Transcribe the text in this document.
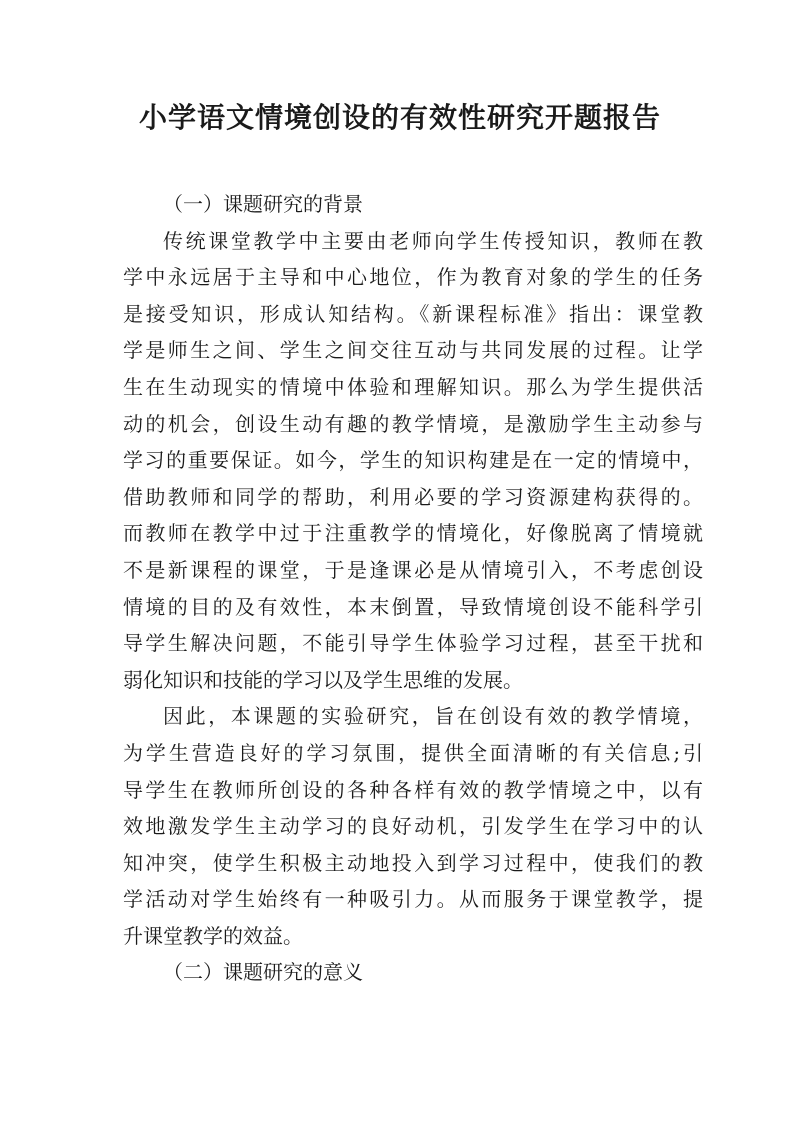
小学语文情境创设的有效性研究开题报告
（一）课题研究的背景
传统课堂教学中主要由老师向学生传授知识，教师在教
学中永远居于主导和中心地位，作为教育对象的学生的任务
是接受知识，形成认知结构。《新课程标准》指出：课堂教
学是师生之间、学生之间交往互动与共同发展的过程。让学
生在生动现实的情境中体验和理解知识。那么为学生提供活
动的机会，创设生动有趣的教学情境，是激励学生主动参与
学习的重要保证。如今，学生的知识构建是在一定的情境中，
借助教师和同学的帮助，利用必要的学习资源建构获得的。
而教师在教学中过于注重教学的情境化，好像脱离了情境就
不是新课程的课堂，于是逢课必是从情境引入，不考虑创设
情境的目的及有效性，本末倒置，导致情境创设不能科学引
导学生解决问题，不能引导学生体验学习过程，甚至干扰和
弱化知识和技能的学习以及学生思维的发展。
因此，本课题的实验研究，旨在创设有效的教学情境，
为学生营造良好的学习氛围，提供全面清晰的有关信息;引
导学生在教师所创设的各种各样有效的教学情境之中，以有
效地激发学生主动学习的良好动机，引发学生在学习中的认
知冲突，使学生积极主动地投入到学习过程中，使我们的教
学活动对学生始终有一种吸引力。从而服务于课堂教学，提
升课堂教学的效益。
（二）课题研究的意义
